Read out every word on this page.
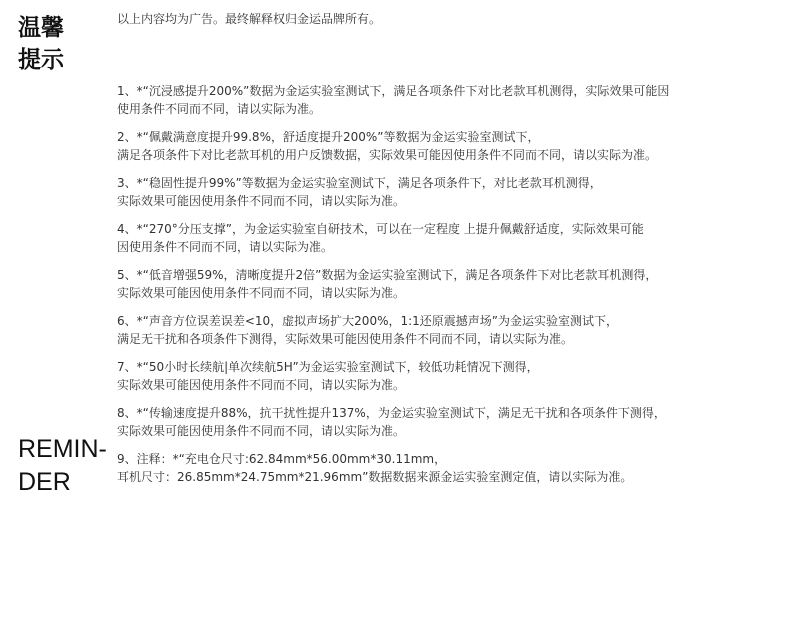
温馨
提示
REMIN-
DER
以上内容均为广告。最终解释权归金运品牌所有。
1、*“沉浸感提升200%”数据为金运实验室测试下，满足各项条件下对比老款耳机测得，实际效果可能因
使用条件不同而不同，请以实际为准。
2、*“佩戴满意度提升99.8%，舒适度提升200%”等数据为金运实验室测试下，
满足各项条件下对比老款耳机的用户反馈数据，实际效果可能因使用条件不同而不同，请以实际为准。
3、*“稳固性提升99%”等数据为金运实验室测试下，满足各项条件下，对比老款耳机测得，
实际效果可能因使用条件不同而不同，请以实际为准。
4、*“270°分压支撑”，为金运实验室自研技术，可以在一定程度 上提升佩戴舒适度，实际效果可能
因使用条件不同而不同，请以实际为准。
5、*“低音增强59%，清晰度提升2倍”数据为金运实验室测试下，满足各项条件下对比老款耳机测得，
实际效果可能因使用条件不同而不同，请以实际为准。
6、*“声音方位误差误差<10，虚拟声场扩大200%，1:1还原震撼声场”为金运实验室测试下，
满足无干扰和各项条件下测得，实际效果可能因使用条件不同而不同，请以实际为准。
7、*“50小时长续航|单次续航5H”为金运实验室测试下，较低功耗情况下测得，
实际效果可能因使用条件不同而不同，请以实际为准。
8、*“传输速度提升88%，抗干扰性提升137%，为金运实验室测试下，满足无干扰和各项条件下测得，
实际效果可能因使用条件不同而不同，请以实际为准。
9、注释：*“充电仓尺寸:62.84mm*56.00mm*30.11mm，
耳机尺寸：26.85mm*24.75mm*21.96mm”数据数据来源金运实验室测定值，请以实际为准。
